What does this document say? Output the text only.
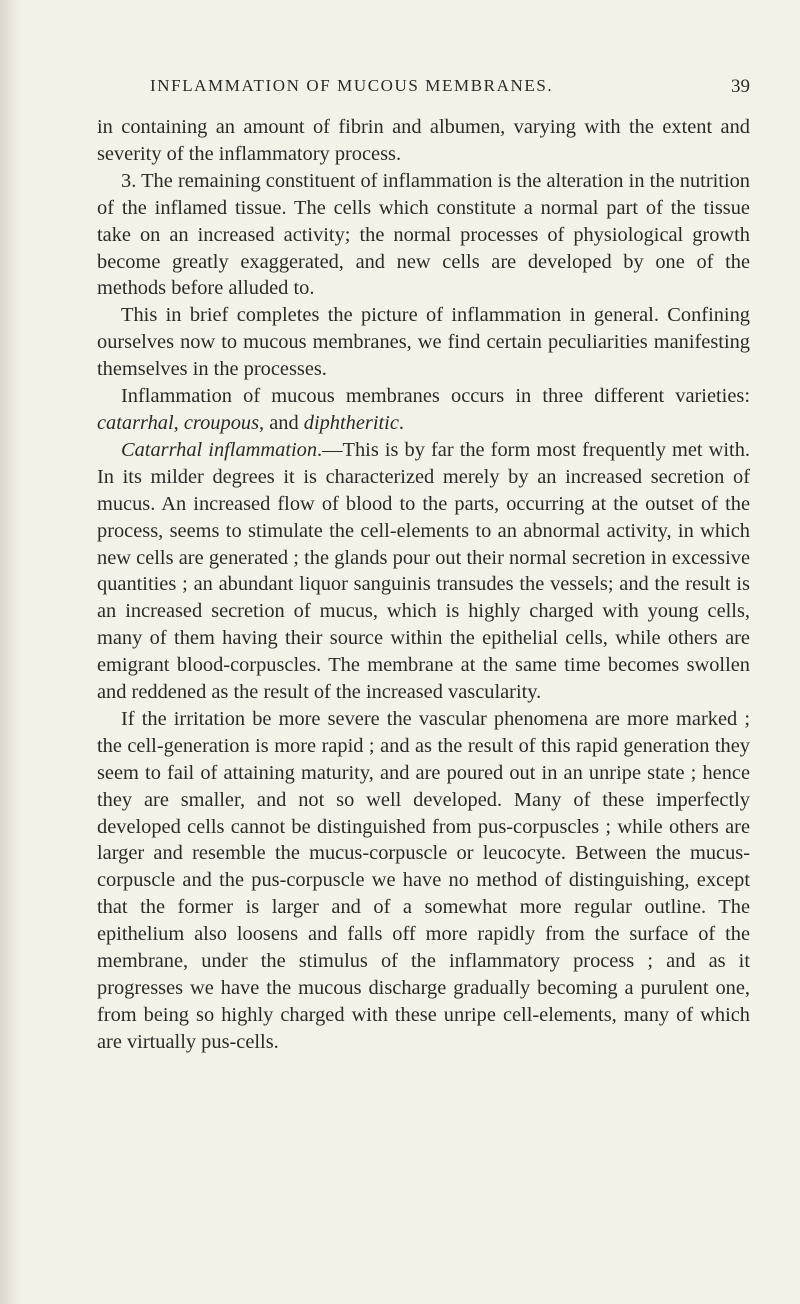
INFLAMMATION OF MUCOUS MEMBRANES.	39

in containing an amount of fibrin and albumen, varying with the extent and severity of the inflammatory process.

3. The remaining constituent of inflammation is the alteration in the nutrition of the inflamed tissue. The cells which constitute a normal part of the tissue take on an increased activity; the normal processes of physiological growth become greatly exaggerated, and new cells are developed by one of the methods before alluded to.

This in brief completes the picture of inflammation in general. Confining ourselves now to mucous membranes, we find certain peculiarities manifesting themselves in the processes.

Inflammation of mucous membranes occurs in three different varieties: catarrhal, croupous, and diphtheritic.

Catarrhal inflammation.—This is by far the form most frequently met with. In its milder degrees it is characterized merely by an increased secretion of mucus. An increased flow of blood to the parts, occurring at the outset of the process, seems to stimulate the cell-elements to an abnormal activity, in which new cells are generated ; the glands pour out their normal secretion in excessive quantities ; an abundant liquor sanguinis transudes the vessels; and the result is an increased secretion of mucus, which is highly charged with young cells, many of them having their source within the epithelial cells, while others are emigrant blood-corpuscles. The membrane at the same time becomes swollen and reddened as the result of the increased vascularity.

If the irritation be more severe the vascular phenomena are more marked ; the cell-generation is more rapid ; and as the result of this rapid generation they seem to fail of attaining maturity, and are poured out in an unripe state ; hence they are smaller, and not so well developed. Many of these imperfectly developed cells cannot be distinguished from pus-corpuscles ; while others are larger and resemble the mucus-corpuscle or leucocyte. Between the mucus-corpuscle and the pus-corpuscle we have no method of distinguishing, except that the former is larger and of a somewhat more regular outline. The epithelium also loosens and falls off more rapidly from the surface of the membrane, under the stimulus of the inflammatory process ; and as it progresses we have the mucous discharge gradually becoming a purulent one, from being so highly charged with these unripe cell-elements, many of which are virtually pus-cells.
